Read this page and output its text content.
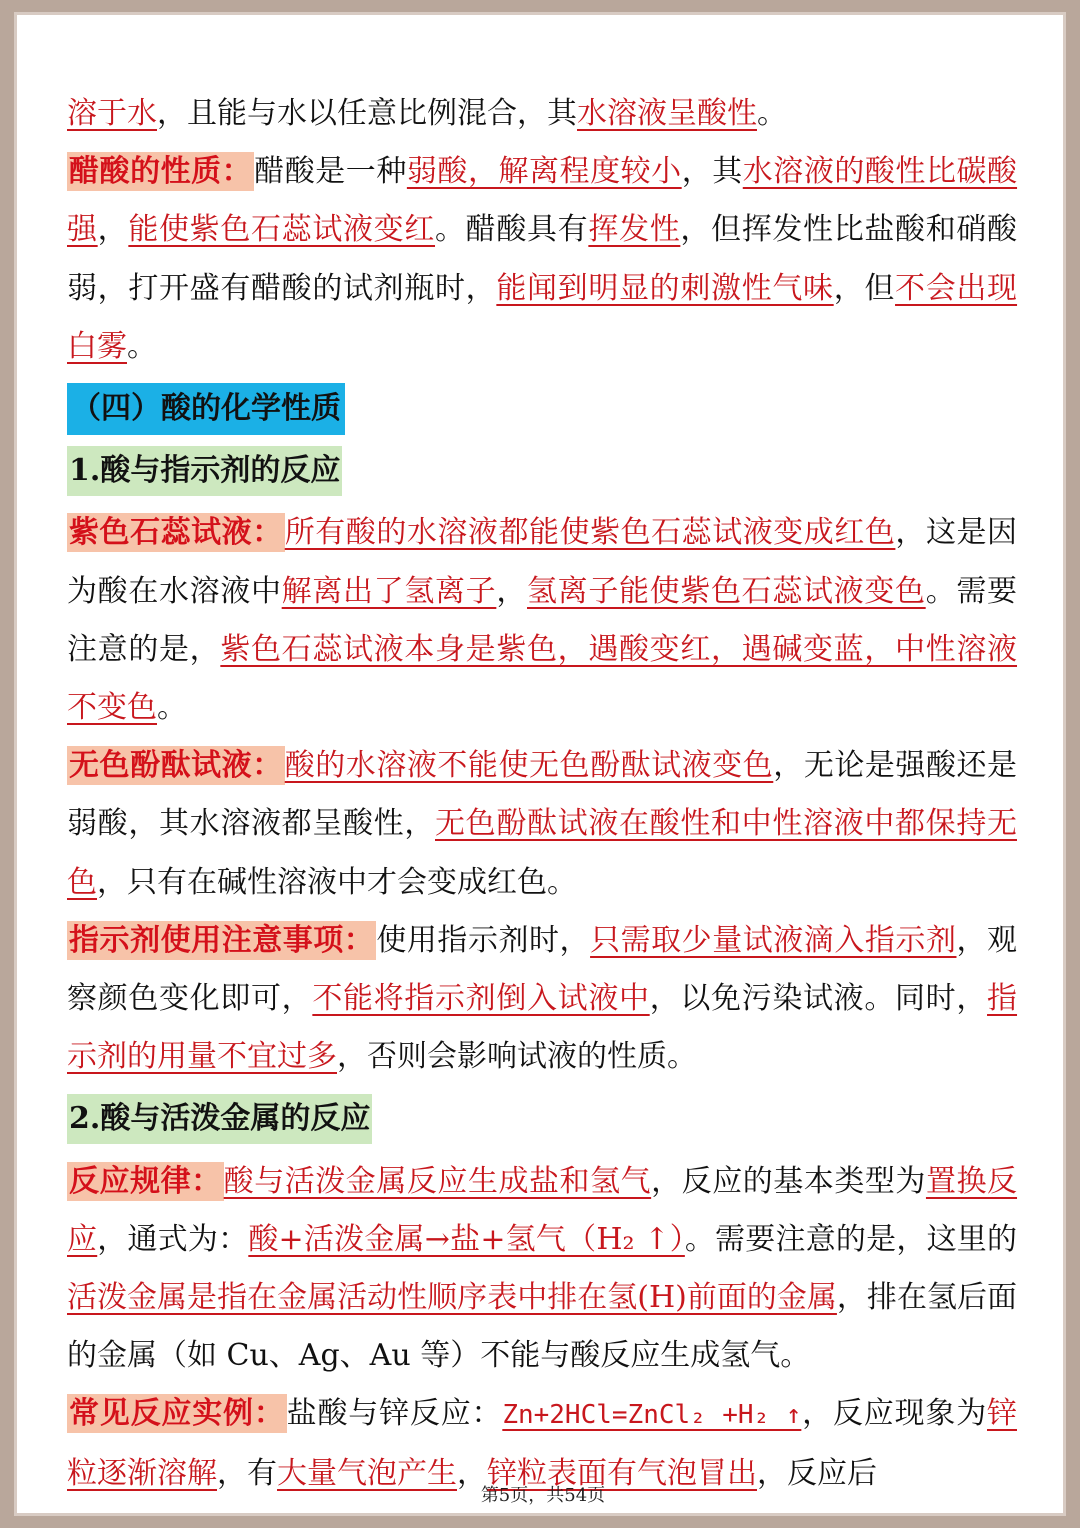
溶于水，且能与水以任意比例混合，其水溶液呈酸性。

醋酸的性质：醋酸是一种弱酸，解离程度较小，其水溶液的酸性比碳酸强，能使紫色石蕊试液变红。醋酸具有挥发性，但挥发性比盐酸和硝酸弱，打开盛有醋酸的试剂瓶时，能闻到明显的刺激性气味，但不会出现白雾。

（四）酸的化学性质
1.酸与指示剂的反应

紫色石蕊试液：所有酸的水溶液都能使紫色石蕊试液变成红色，这是因为酸在水溶液中解离出了氢离子，氢离子能使紫色石蕊试液变色。需要注意的是，紫色石蕊试液本身是紫色，遇酸变红，遇碱变蓝，中性溶液不变色。

无色酚酞试液：酸的水溶液不能使无色酚酞试液变色，无论是强酸还是弱酸，其水溶液都呈酸性，无色酚酞试液在酸性和中性溶液中都保持无色，只有在碱性溶液中才会变成红色。

指示剂使用注意事项：使用指示剂时，只需取少量试液滴入指示剂，观察颜色变化即可，不能将指示剂倒入试液中，以免污染试液。同时，指示剂的用量不宜过多，否则会影响试液的性质。

2.酸与活泼金属的反应

反应规律：酸与活泼金属反应生成盐和氢气，反应的基本类型为置换反应，通式为：酸+活泼金属→盐+氢气（H₂ ↑）。需要注意的是，这里的活泼金属是指在金属活动性顺序表中排在氢(H)前面的金属，排在氢后面的金属（如 Cu、Ag、Au 等）不能与酸反应生成氢气。

常见反应实例：盐酸与锌反应：Zn+2HCl=ZnCl₂ +H₂ ↑，反应现象为锌粒逐渐溶解，有大量气泡产生，锌粒表面有气泡冒出，反应后

第5页，共54页
